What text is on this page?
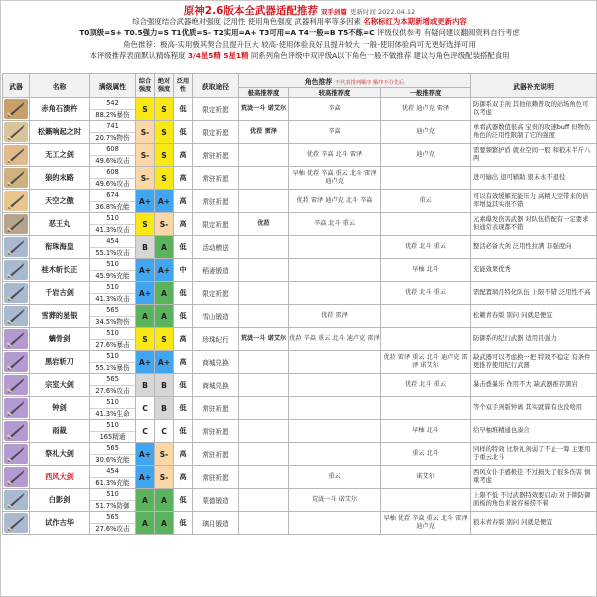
原神2.6版本全武器适配推荐 双手剑篇 更新时间 2022.04.12
综合强度结合武器绝对强度 泛用性 使用角色强度 武器利用率等多因素 名称标红为本期新增或更新内容
T0顶级=S+ T0.5强力=S T1优质=S- T2实用=A+ T3可用=A T4一般=B T5不练=C 评级仅供参考 有疑问建议翻阅资料自行考虑
角色推荐：极高-实用极其契合且提升巨大 较高-使用体验良好且提升较大 一般-使用体验尚可无更好选择可用
本评级推荐表面默认精炼程度 3/4星5精 5星1精 同系列角色评级中双评级A以下角色一般不做推荐 建议与角色评级配装搭配食用
武器	名称	满级属性	综合强度	绝对强度	泛用性	获取途径	角色推荐 不代表排列顺序 顺序不分先后			武器补充说明
							极高推荐度	较高推荐度	一般推荐度	

	赤角石溃杵	542
88.2%暴伤	S	S	低	限定祈愿	荒泷一斗 诺艾尔	辛焱	优菈 迪卢克 雷泽	防御系双手剑 其他依赖普攻的站场角色可以考虑

	松籁响起之时	741
20.7%物伤	S-	S	低	限定祈愿	优菈 雷泽	辛焱	迪卢克	单看武器数值很高 宝贵的攻速buff 但物伤角色的泛用性限制了它的强度

	无工之剑	608
49.6%攻击	S-	S	高	常驻祈愿		优菈 辛焱 北斗 雷泽	迪卢克	需要频繁护盾 就业空间一般 和狼末半斤八两

	狼的末路	608
49.6%攻击	S-	S	高	常驻祈愿		早柚 优菈 辛焱 重云 北斗 雷泽 迪卢克		进可输出 退可辅助 狼末永不退役

	天空之傲	674
36.8%充能	A+	A+	高	常驻祈愿		优菈 雷泽 迪卢克 北斗 辛焱	重云	可以有效缓解充能压力 高精天空带来的倍率增益其实很不错

	恶王丸	510
41.3%攻击	S	S-	高	限定祈愿	优菈	辛焱 北斗 重云		元素爆发伤害武器 对队伍搭配有一定要求 但通常表现都不错

	衔珠海皇	454
55.1%攻击	B	A	低	活动赠送			优菈 北斗 重云	整活必备大剑 泛用性拉满 非强度向

	桂木斩长正	510
45.9%充能	A+	A+	中	稻妻锻造			早柚 北斗	充能效果优秀

	千岩古剑	510
41.3%攻击	A+	A	低	限定祈愿			优菈 北斗 重云	需配置璃月特化队伍 上限不错 泛用性不高

	雪葬的星银	565
34.5%物伤	A	A	低	雪山锻造		优菈 雷泽		松籁青春版 别问 问就是便宜

	螭骨剑	510
27.6%暴击	S	S	高	珍珠纪行	荒泷一斗 诺艾尔	优菈 辛焱 重云 北斗 迪卢克 雷泽		防御系的纪行武器 适用且强力

	黑岩斩刀	510
55.1%暴伤	A+	A+	高	商城兑换			优菈 雷泽 重云 北斗 迪卢克 雷泽 诺艾尔	缺武器可以考虑换一把 特效不稳定 有条件更推荐使用纪行武器

	宗室大剑	565
27.6%攻击	B	B	低	商城兑换			优菈 北斗 重云	暴击叠暴乐 作用不大 缺武器推荐黑岩

	钟剑	510
41.3%生命	C	B	低	常驻祈愿				等个双手剑版钟离 其实就算有也没啥用

	雨裁	510
165精通	C	C	低	常驻祈愿			早柚 北斗	给早柚堆精通也凑合

	祭礼大剑	565
30.6%充能	A+	S-	高	常驻祈愿			重云 北斗	同样的特效 比祭礼剑弱了不止一筹 主要用于重云北斗

	西风大剑	454
61.3%充能	A+	S-	高	常驻祈愿		重云	诺艾尔	西风女仆手感极佳 不过损失了很多伤害 慎重考虑

	白影剑	510
51.7%防御	A	A	低	蒙德锻造		荒泷一斗 诺艾尔		上限不低 不过武器特效要启动 对于锁防御面板的角色来说容易捞不着

	试作古华	565
27.6%攻击	A	A	低	璃月锻造			早柚 优菈 辛焱 重云 北斗 雷泽 迪卢克	狼末青春版 别问 问就是便宜
